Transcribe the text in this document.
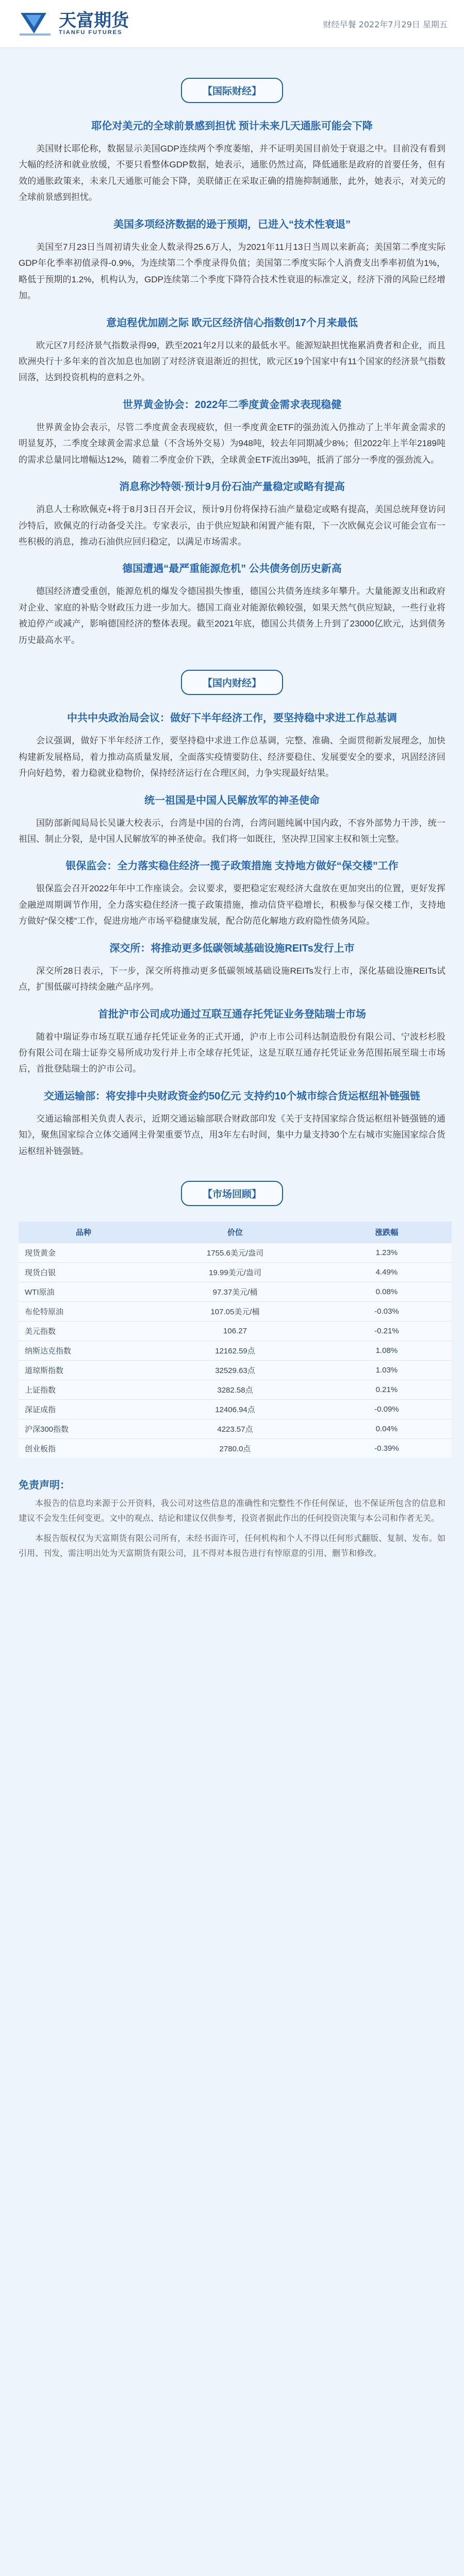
天富期货
TIANFU FUTURES
财经早餐 2022年7月29日 星期五
【国际财经】
耶伦对美元的全球前景感到担忧 预计未来几天通胀可能会下降

美国财长耶伦称，数据显示美国GDP连续两个季度萎缩，并不证明美国目前处于衰退之中。目前没有看到大幅的经济和就业放缓，不要只看整体GDP数据，她表示，通胀仍然过高，降低通胀是政府的首要任务，但有效的通胀政策来，未来几天通胀可能会下降，美联储正在采取正确的措施抑制通胀，此外，她表示，对美元的全球前景感到担忧。

美国多项经济数据的逊于预期，已进入“技术性衰退”

美国至7月23日当周初请失业金人数录得25.6万人，为2021年11月13日当周以来新高；美国第二季度实际GDP年化季率初值录得-0.9%，为连续第二个季度录得负值；美国第二季度实际个人消费支出季率初值为1%，略低于预期的1.2%，机构认为，GDP连续第二个季度下降符合技术性衰退的标准定义，经济下滑的风险已经增加。

意迫程优加剧之际 欧元区经济信心指数创17个月来最低

欧元区7月经济景气指数录得99，跌至2021年2月以来的最低水平。能源短缺担忧拖累消费者和企业，而且欧洲央行十多年来的首次加息也加剧了对经济衰退渐近的担忧，欧元区19个国家中有11个国家的经济景气指数回落，达到投资机构的意料之外。

世界黄金协会：2022年二季度黄金需求表现稳健

世界黄金协会表示，尽管二季度黄金表现疲软，但一季度黄金ETF的强劲流入仍推动了上半年黄金需求的明显复苏，二季度全球黄金需求总量（不含场外交易）为948吨，较去年同期减少8%；但2022年上半年2189吨的需求总量同比增幅达12%，随着二季度金价下跌，全球黄金ETF流出39吨，抵消了部分一季度的强劲流入。

消息称沙特领·预计9月份石油产量稳定或略有提高

消息人士称欧佩克+将于8月3日召开会议，预计9月份将保持石油产量稳定或略有提高，美国总统拜登访问沙特后，欧佩克的行动备受关注。专家表示，由于供应短缺和闲置产能有限，下一次欧佩克会议可能会宣布一些积极的消息，推动石油供应回归稳定，以满足市场需求。

德国遭遇“最严重能源危机” 公共债务创历史新高

德国经济遭受重创，能源危机的爆发令德国损失惨重，德国公共债务连续多年攀升。大量能源支出和政府对企业、家庭的补贴令财政压力进一步加大。德国工商业对能源依赖较强，如果天然气供应短缺，一些行业将被迫停产或减产，影响德国经济的整体表现。截至2021年底，德国公共债务上升到了23000亿欧元，达到债务历史最高水平。

【国内财经】
中共中央政治局会议：做好下半年经济工作，要坚持稳中求进工作总基调

会议强调，做好下半年经济工作，要坚持稳中求进工作总基调，完整、准确、全面贯彻新发展理念，加快构建新发展格局，着力推动高质量发展，全面落实疫情要防住、经济要稳住、发展要安全的要求，巩固经济回升向好趋势，着力稳就业稳物价，保持经济运行在合理区间，力争实现最好结果。

统一祖国是中国人民解放军的神圣使命

国防部新闻局局长吴谦大校表示，台湾是中国的台湾，台湾问题纯属中国内政，不容外部势力干涉，统一祖国、制止分裂，是中国人民解放军的神圣使命。我们将一如既往，坚决捍卫国家主权和领土完整。

银保监会：全力落实稳住经济一揽子政策措施 支持地方做好“保交楼”工作

银保监会召开2022年年中工作座谈会。会议要求，要把稳定宏观经济大盘放在更加突出的位置，更好发挥金融逆周期调节作用，全力落实稳住经济一揽子政策措施，推动信贷平稳增长，积极参与保交楼工作，支持地方做好“保交楼”工作，促进房地产市场平稳健康发展，配合防范化解地方政府隐性债务风险。

深交所：将推动更多低碳领域基础设施REITs发行上市

深交所28日表示，下一步，深交所将推动更多低碳领域基础设施REITs发行上市，深化基础设施REITs试点，扩围低碳可持续金融产品序列。

首批沪市公司成功通过互联互通存托凭证业务登陆瑞士市场

随着中瑞证券市场互联互通存托凭证业务的正式开通，沪市上市公司科达制造股份有限公司、宁波杉杉股份有限公司在瑞士证券交易所成功发行并上市全球存托凭证，这是互联互通存托凭证业务范围拓展至瑞士市场后，首批登陆瑞士的沪市公司。

交通运输部：将安排中央财政资金约50亿元 支持约10个城市综合货运枢纽补链强链

交通运输部相关负责人表示，近期交通运输部联合财政部印发《关于支持国家综合货运枢纽补链强链的通知》，聚焦国家综合立体交通网主骨架重要节点，用3年左右时间，集中力量支持30个左右城市实施国家综合货运枢纽补链强链。

【市场回顾】
品种	价位	涨跌幅
现货黄金	1755.6美元/盎司	1.23%
现货白银	19.99美元/盎司	4.49%
WTI原油	97.37美元/桶	0.08%
布伦特原油	107.05美元/桶	-0.03%
美元指数	106.27	-0.21%
纳斯达克指数	12162.59点	1.08%
道琼斯指数	32529.63点	1.03%
上证指数	3282.58点	0.21%
深证成指	12406.94点	-0.09%
沪深300指数	4223.57点	0.04%
创业板指	2780.0点	-0.39%
免责声明：

本报告的信息均来源于公开资料，我公司对这些信息的准确性和完整性不作任何保证，也不保证所包含的信息和建议不会发生任何变更。文中的观点、结论和建议仅供参考，投资者据此作出的任何投资决策与本公司和作者无关。

本报告版权仅为天富期货有限公司所有，未经书面许可，任何机构和个人不得以任何形式翻版、复制、发布。如引用、刊发，需注明出处为天富期货有限公司，且不得对本报告进行有悖原意的引用、删节和修改。
